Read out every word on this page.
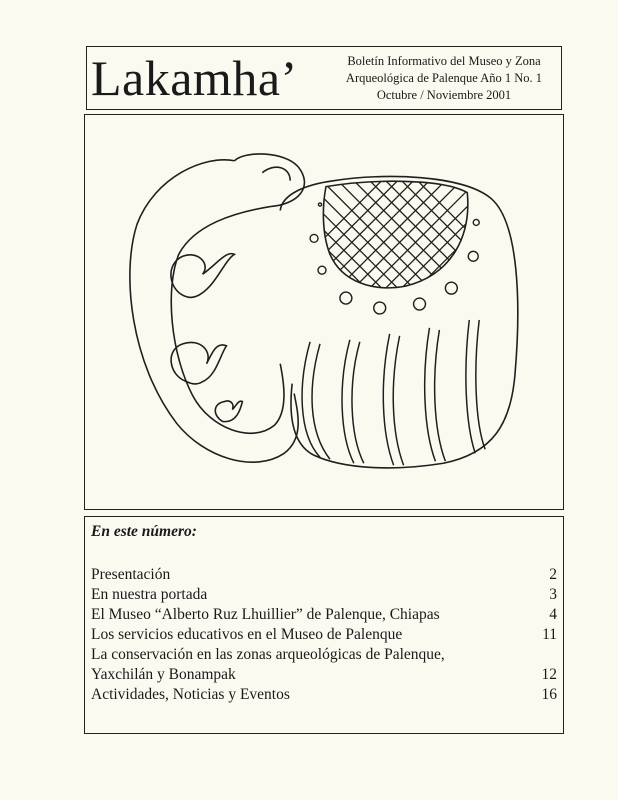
Lakamha’	Boletín Informativo del Museo y Zona
Arqueológica de Palenque Año 1 No. 1
Octubre / Noviembre 2001
En este número:
Presentación	2
En nuestra portada	3
El Museo “Alberto Ruz Lhuillier” de Palenque, Chiapas	4
Los servicios educativos en el Museo de Palenque	11
La conservación en las zonas arqueológicas de Palenque,
Yaxchilán y Bonampak	12
Actividades, Noticias y Eventos	16
